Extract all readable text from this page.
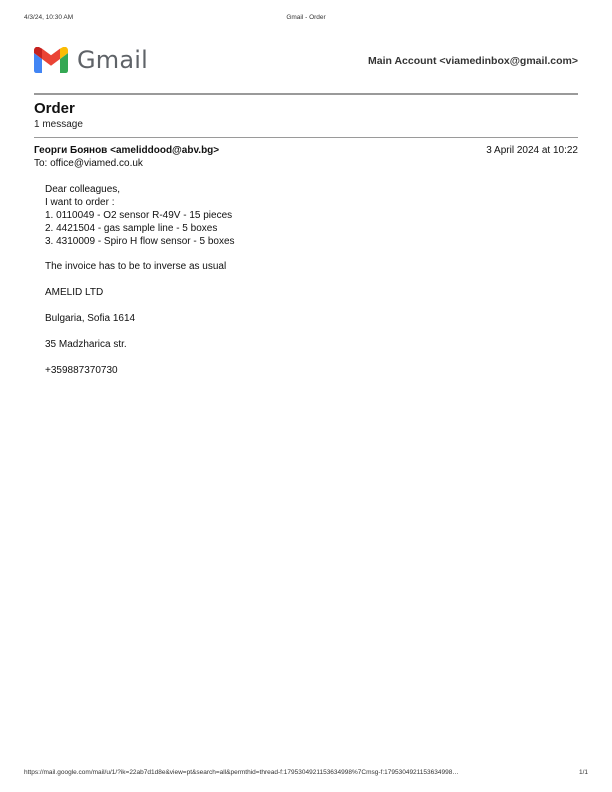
4/3/24, 10:30 AM	Gmail - Order
Gmail	Main Account <viamedinbox@gmail.com>
Order
1 message
Георги Боянов <ameliddood@abv.bg>	3 April 2024 at 10:22
To: office@viamed.co.uk
Dear colleagues,
I want to order :
1. 0110049 - O2 sensor R-49V - 15 pieces
2. 4421504 - gas sample line - 5 boxes
3. 4310009 - Spiro H flow sensor - 5 boxes
The invoice has to be to inverse as usual
AMELID LTD
Bulgaria, Sofia 1614
35 Madzharica str.
+359887370730
https://mail.google.com/mail/u/1/?ik=22ab7d1d8e&view=pt&search=all&permthid=thread-f:1795304921153634998%7Cmsg-f:1795304921153634998…	1/1
